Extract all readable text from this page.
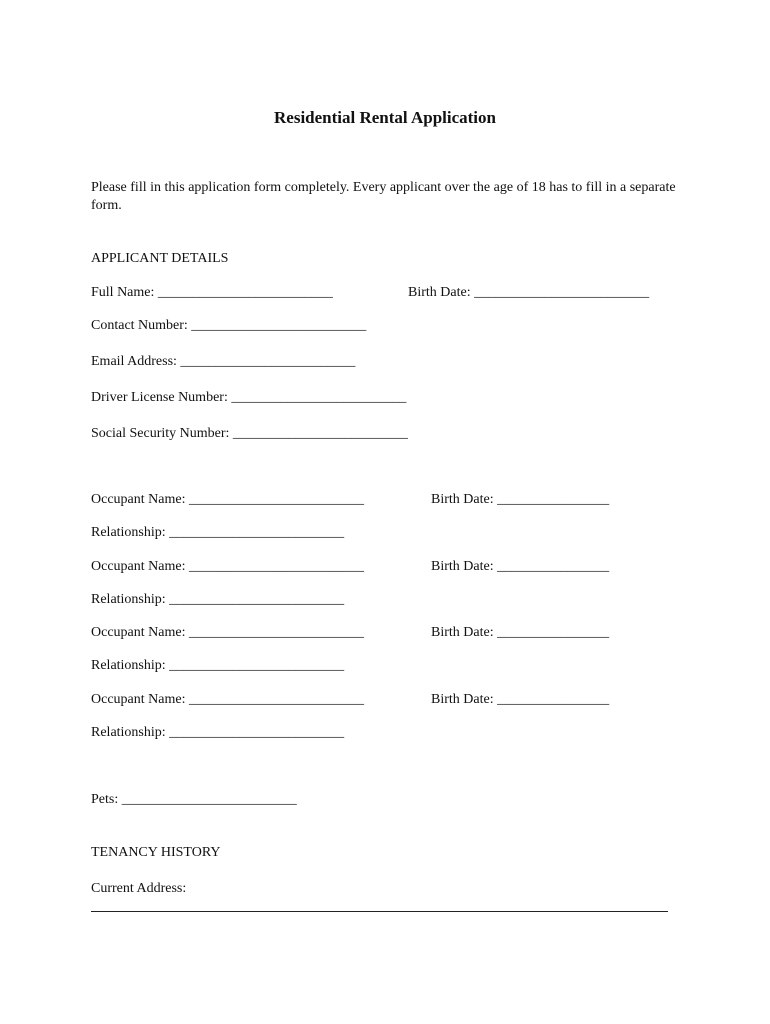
Residential Rental Application
Please fill in this application form completely. Every applicant over the age of 18 has to fill in a separate form.
APPLICANT DETAILS
Full Name: _________________________	Birth Date: _________________________
Contact Number: _________________________
Email Address: _________________________
Driver License Number: _________________________
Social Security Number: _________________________
Occupant Name: _________________________	Birth Date: ________________
Relationship: _________________________
Occupant Name: _________________________	Birth Date: ________________
Relationship: _________________________
Occupant Name: _________________________	Birth Date: ________________
Relationship: _________________________
Occupant Name: _________________________	Birth Date: ________________
Relationship: _________________________
Pets: _________________________
TENANCY HISTORY
Current Address:
